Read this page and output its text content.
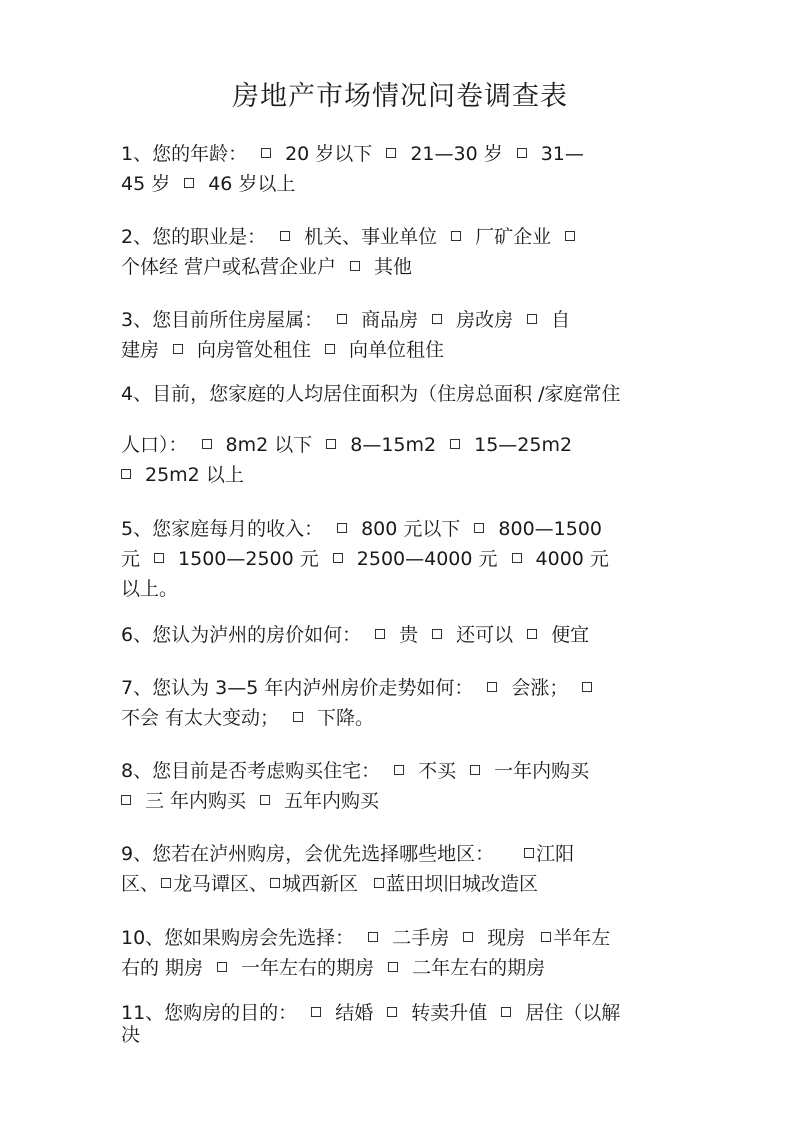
房地产市场情况问卷调查表
1、您的年龄： 20 岁以下 21—30 岁 31—
45 岁 46 岁以上
2、您的职业是： 机关、事业单位 厂矿企业
个体经 营户或私营企业户 其他
3、您目前所住房屋属： 商品房 房改房 自
建房 向房管处租住 向单位租住
4、目前，您家庭的人均居住面积为（住房总面积 /家庭常住
人口）： 8m2 以下 8—15m2 15—25m2
25m2 以上
5、您家庭每月的收入： 800 元以下 800—1500
元 1500—2500 元 2500—4000 元 4000 元
以上。
6、您认为泸州的房价如何： 贵 还可以 便宜
7、您认为 3—5 年内泸州房价走势如何： 会涨；
不会 有太大变动； 下降。
8、您目前是否考虑购买住宅： 不买 一年内购买
三 年内购买 五年内购买
9、您若在泸州购房，会优先选择哪些地区： 江阳
区、 龙马谭区、 城西新区 蓝田坝旧城改造区
10、您如果购房会先选择： 二手房 现房 半年左
右的 期房 一年左右的期房 二年左右的期房
11、您购房的目的： 结婚 转卖升值 居住（以解
决
